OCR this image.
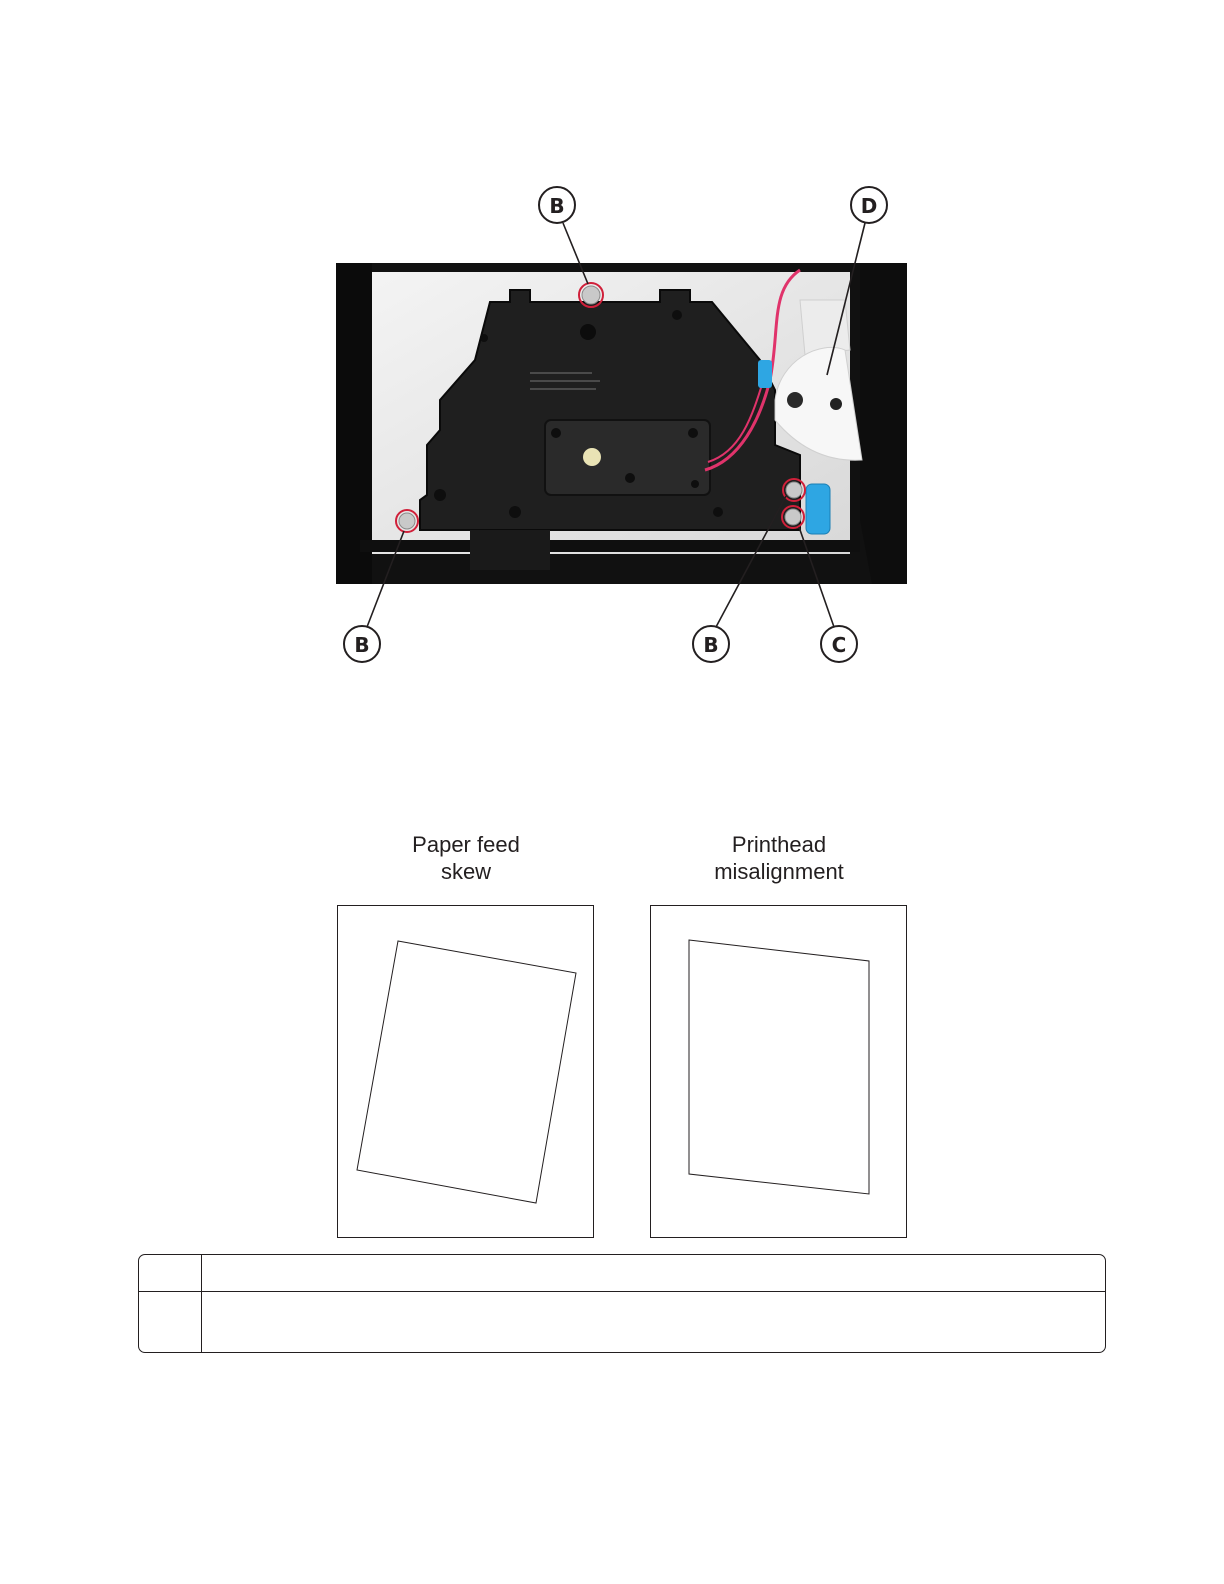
B	D
B	B	C
Paper feed
skew
Printhead
misalignment
